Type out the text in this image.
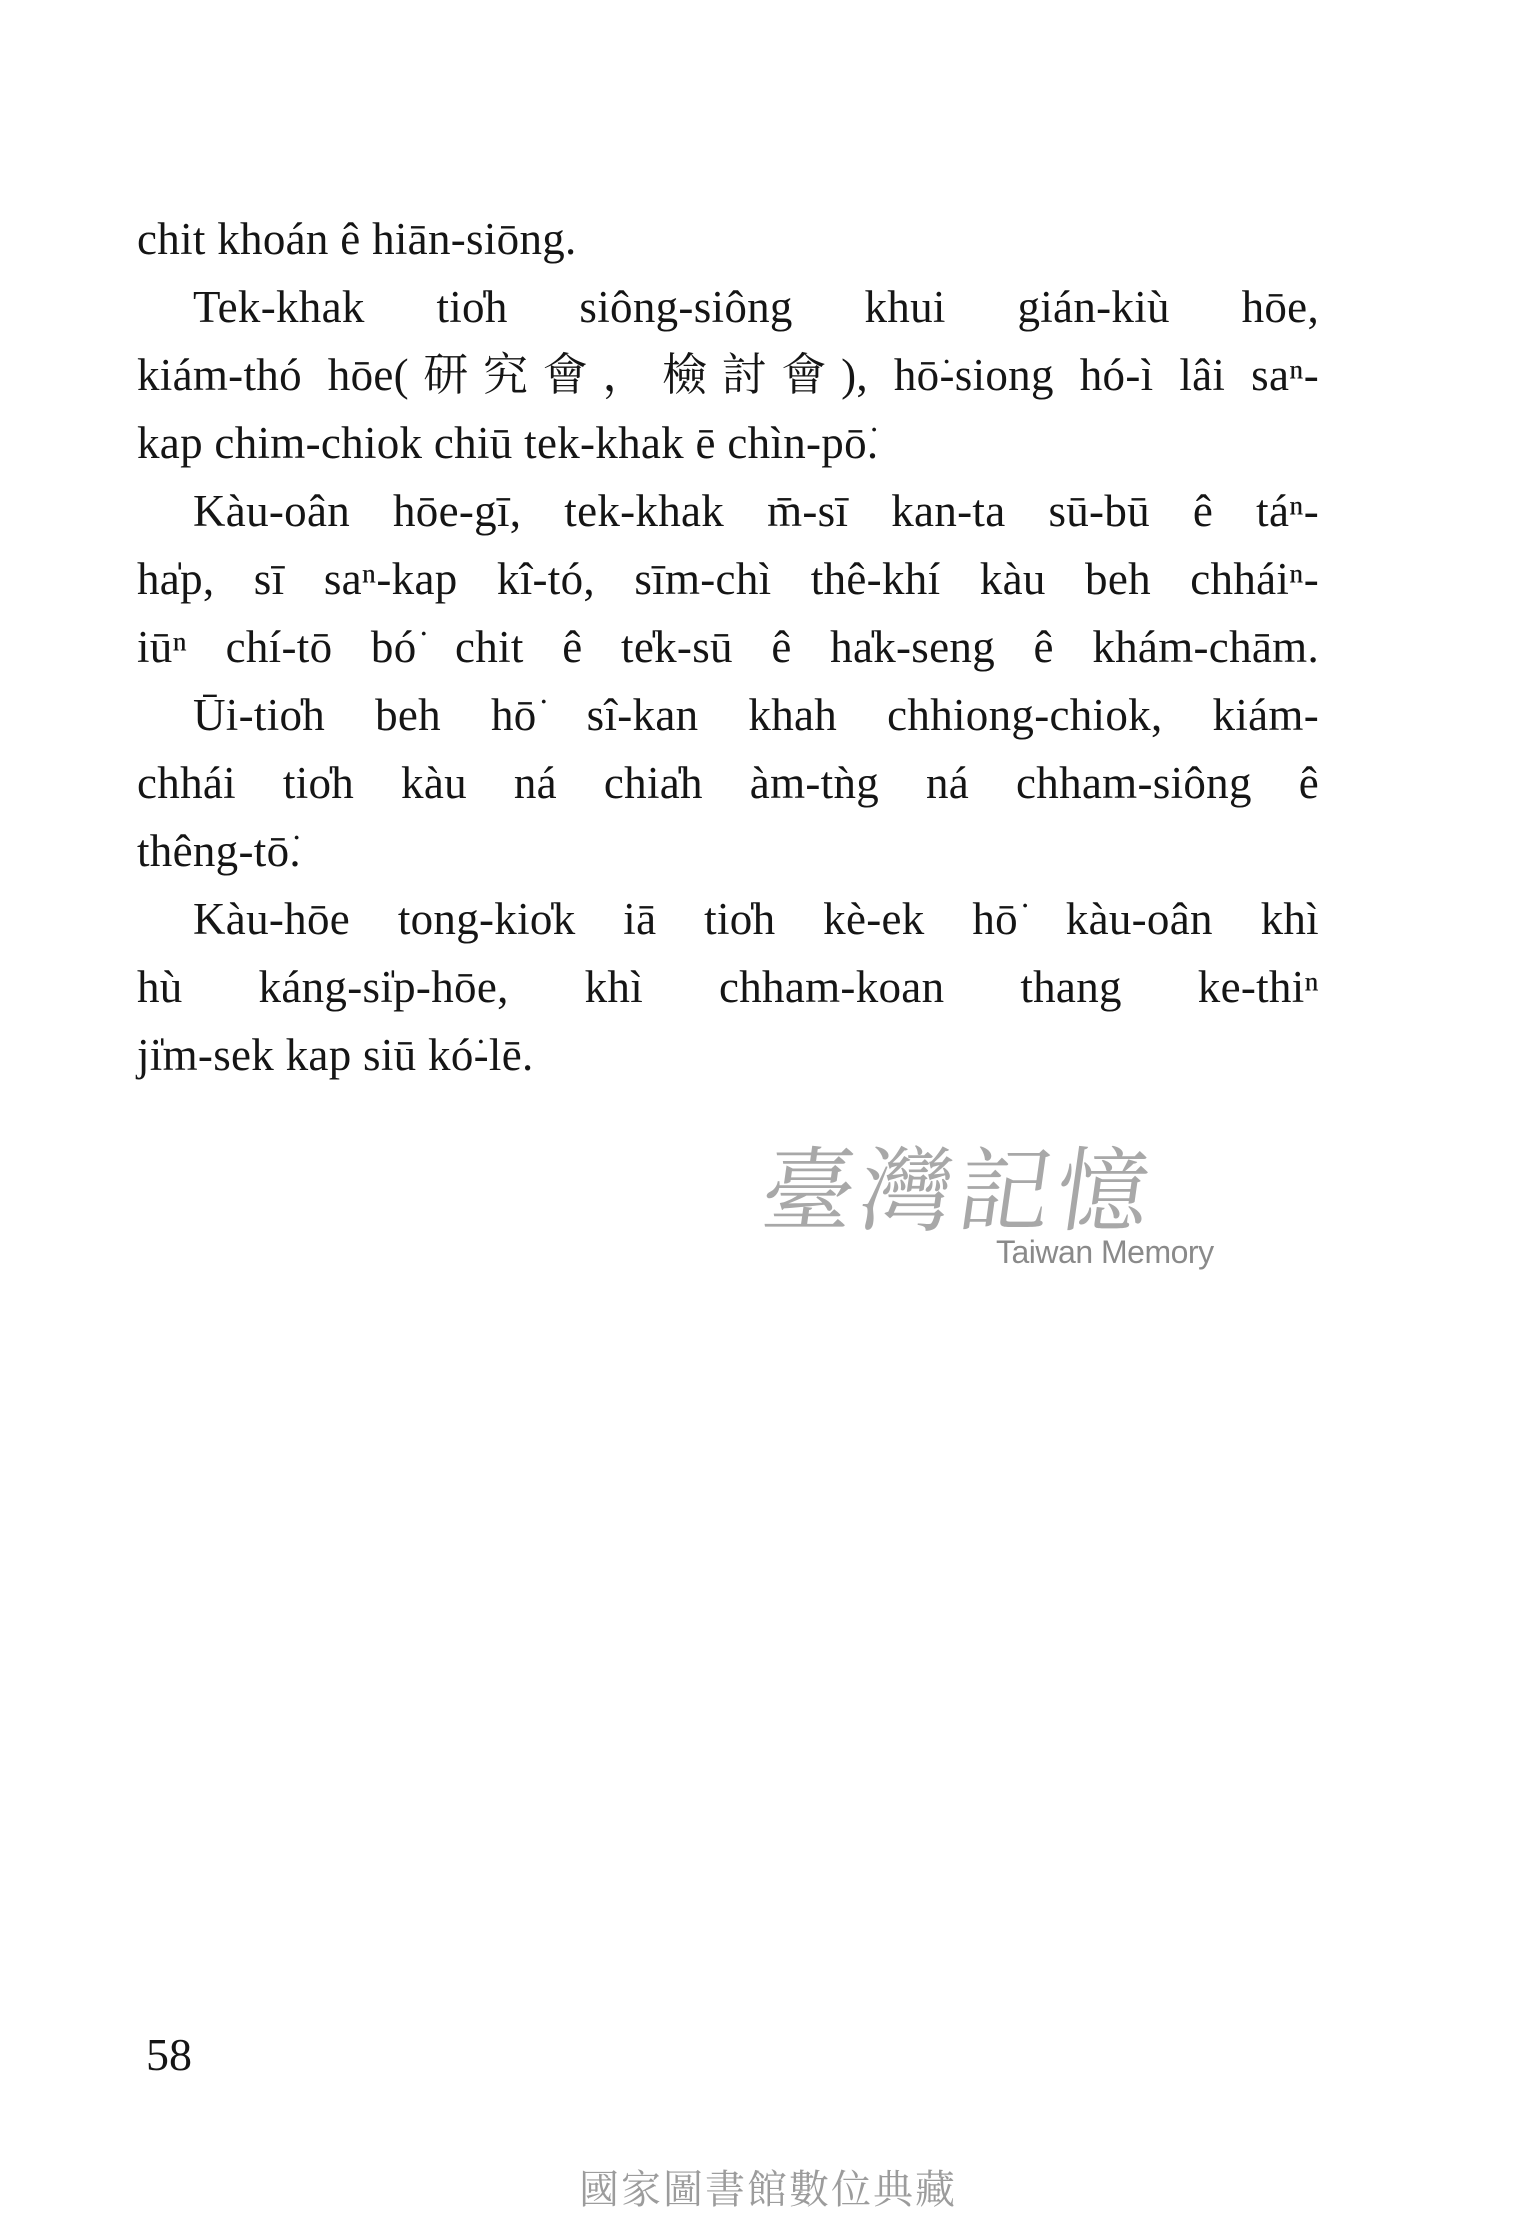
chit khoán ê hiān-siōng.
Tek-khak tio̍h siông-siông khui gián-kiù hōe,
kiám-thó hōe(研究會，檢討會), hō͘-siong hó-ì lâi saⁿ-
kap chim-chiok chiū tek-khak ē chìn-pō͘.
Kàu-oân hōe-gī, tek-khak m̄-sī kan-ta sū-bū ê táⁿ-
ha̍p, sī saⁿ-kap kî-tó, sīm-chì thê-khí kàu beh chháiⁿ-
iūⁿ chí-tō bó͘ chit ê te̍k-sū ê ha̍k-seng ê khám-chām.
Ūi-tio̍h beh hō͘ sî-kan khah chhiong-chiok, kiám-
chhái tio̍h kàu ná chia̍h àm-tǹg ná chham-siông ê
thêng-tō͘.
Kàu-hōe tong-kio̍k iā tio̍h kè-ek hō͘ kàu-oân khì
hù káng-si̍p-hōe, khì chham-koan thang ke-thiⁿ
ji̍m-sek kap siū kó͘-lē.
臺灣記憶
Taiwan Memory
58
國家圖書館數位典藏
